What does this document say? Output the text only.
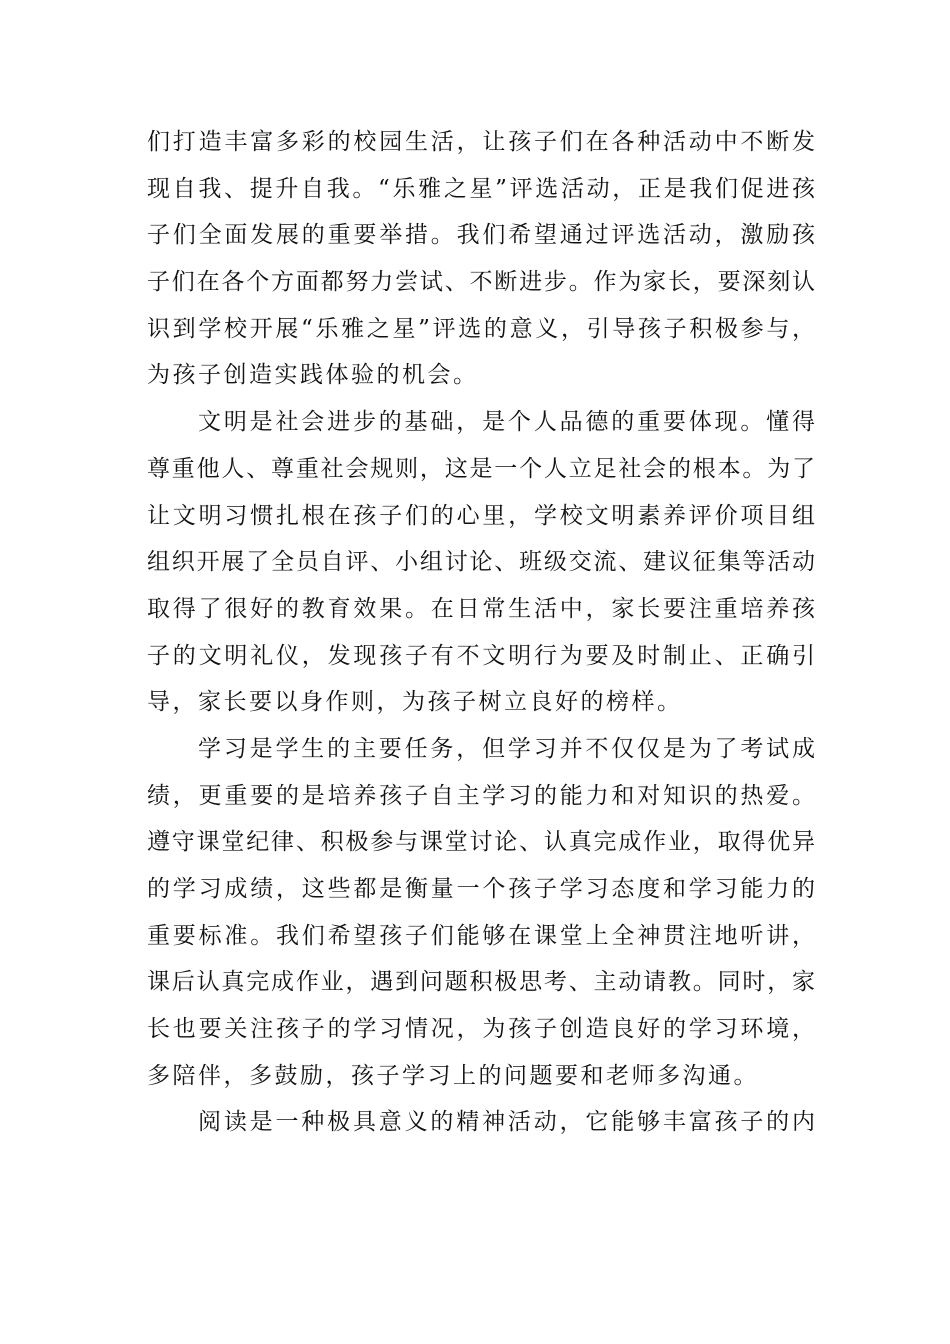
们打造丰富多彩的校园生活，让孩子们在各种活动中不断发
现自我、提升自我。“乐雅之星”评选活动，正是我们促进孩
子们全面发展的重要举措。我们希望通过评选活动，激励孩
子们在各个方面都努力尝试、不断进步。作为家长，要深刻认
识到学校开展“乐雅之星”评选的意义，引导孩子积极参与，
为孩子创造实践体验的机会。
文明是社会进步的基础，是个人品德的重要体现。懂得
尊重他人、尊重社会规则，这是一个人立足社会的根本。为了
让文明习惯扎根在孩子们的心里，学校文明素养评价项目组
组织开展了全员自评、小组讨论、班级交流、建议征集等活动
取得了很好的教育效果。在日常生活中，家长要注重培养孩
子的文明礼仪，发现孩子有不文明行为要及时制止、正确引
导，家长要以身作则，为孩子树立良好的榜样。
学习是学生的主要任务，但学习并不仅仅是为了考试成
绩，更重要的是培养孩子自主学习的能力和对知识的热爱。
遵守课堂纪律、积极参与课堂讨论、认真完成作业，取得优异
的学习成绩，这些都是衡量一个孩子学习态度和学习能力的
重要标准。我们希望孩子们能够在课堂上全神贯注地听讲，
课后认真完成作业，遇到问题积极思考、主动请教。同时，家
长也要关注孩子的学习情况，为孩子创造良好的学习环境，
多陪伴，多鼓励，孩子学习上的问题要和老师多沟通。
阅读是一种极具意义的精神活动，它能够丰富孩子的内
